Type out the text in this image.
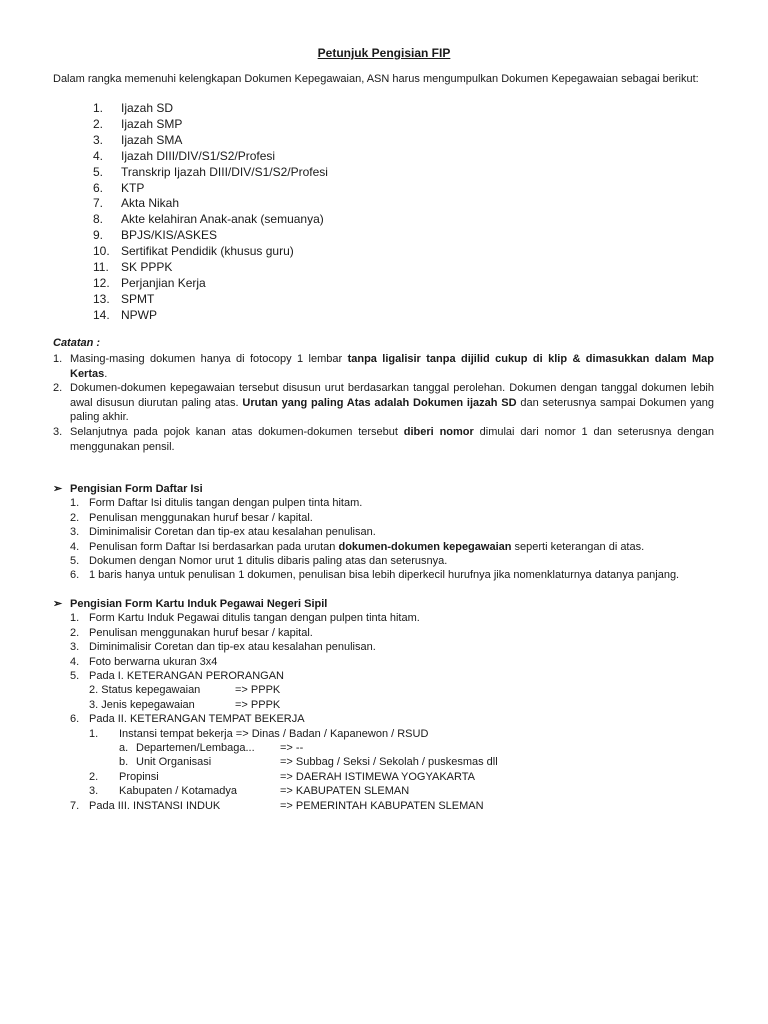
Petunjuk Pengisian FIP
Dalam rangka memenuhi kelengkapan Dokumen Kepegawaian, ASN harus mengumpulkan Dokumen Kepegawaian sebagai berikut:
1.	Ijazah SD
2.	Ijazah SMP
3.	Ijazah SMA
4.	Ijazah DIII/DIV/S1/S2/Profesi
5.	Transkrip Ijazah DIII/DIV/S1/S2/Profesi
6.	KTP
7.	Akta Nikah
8.	Akte kelahiran Anak-anak (semuanya)
9.	BPJS/KIS/ASKES
10. Sertifikat Pendidik (khusus guru)
11.	SK PPPK
12. Perjanjian Kerja
13. SPMT
14. NPWP
Catatan :
1. Masing-masing dokumen hanya di fotocopy 1 lembar tanpa ligalisir tanpa dijilid cukup di klip & dimasukkan dalam Map Kertas.
2. Dokumen-dokumen kepegawaian tersebut disusun urut berdasarkan tanggal perolehan. Dokumen dengan tanggal dokumen lebih awal disusun diurutan paling atas. Urutan yang paling Atas adalah Dokumen ijazah SD dan seterusnya sampai Dokumen yang paling akhir.
3. Selanjutnya pada pojok kanan atas dokumen-dokumen tersebut diberi nomor dimulai dari nomor 1 dan seterusnya dengan menggunakan pensil.
➢ Pengisian Form Daftar Isi
1. Form Daftar Isi ditulis tangan dengan pulpen tinta hitam.
2. Penulisan menggunakan huruf besar / kapital.
3. Diminimalisir Coretan dan tip-ex atau kesalahan penulisan.
4. Penulisan form Daftar Isi berdasarkan pada urutan dokumen-dokumen kepegawaian seperti keterangan di atas.
5. Dokumen dengan Nomor urut 1 ditulis dibaris paling atas dan seterusnya.
6. 1 baris hanya untuk penulisan 1 dokumen, penulisan bisa lebih diperkecil hurufnya jika nomenklaturnya datanya panjang.
➢ Pengisian Form Kartu Induk Pegawai Negeri Sipil
1. Form Kartu Induk Pegawai ditulis tangan dengan pulpen tinta hitam.
2. Penulisan menggunakan huruf besar / kapital.
3. Diminimalisir Coretan dan tip-ex atau kesalahan penulisan.
4. Foto berwarna ukuran 3x4
5. Pada I. KETERANGAN PERORANGAN
2. Status kepegawaian	=> PPPK
3. Jenis kepegawaian	=> PPPK
6. Pada II. KETERANGAN TEMPAT BEKERJA
1.	Instansi tempat bekerja => Dinas / Badan / Kapanewon / RSUD
a. Departemen/Lembaga...	=> --
b. Unit Organisasi	=> Subbag / Seksi / Sekolah / puskesmas dll
2.	Propinsi	=> DAERAH ISTIMEWA YOGYAKARTA
3.	Kabupaten / Kotamadya	=> KABUPATEN SLEMAN
7. Pada III. INSTANSI INDUK	=> PEMERINTAH KABUPATEN SLEMAN
